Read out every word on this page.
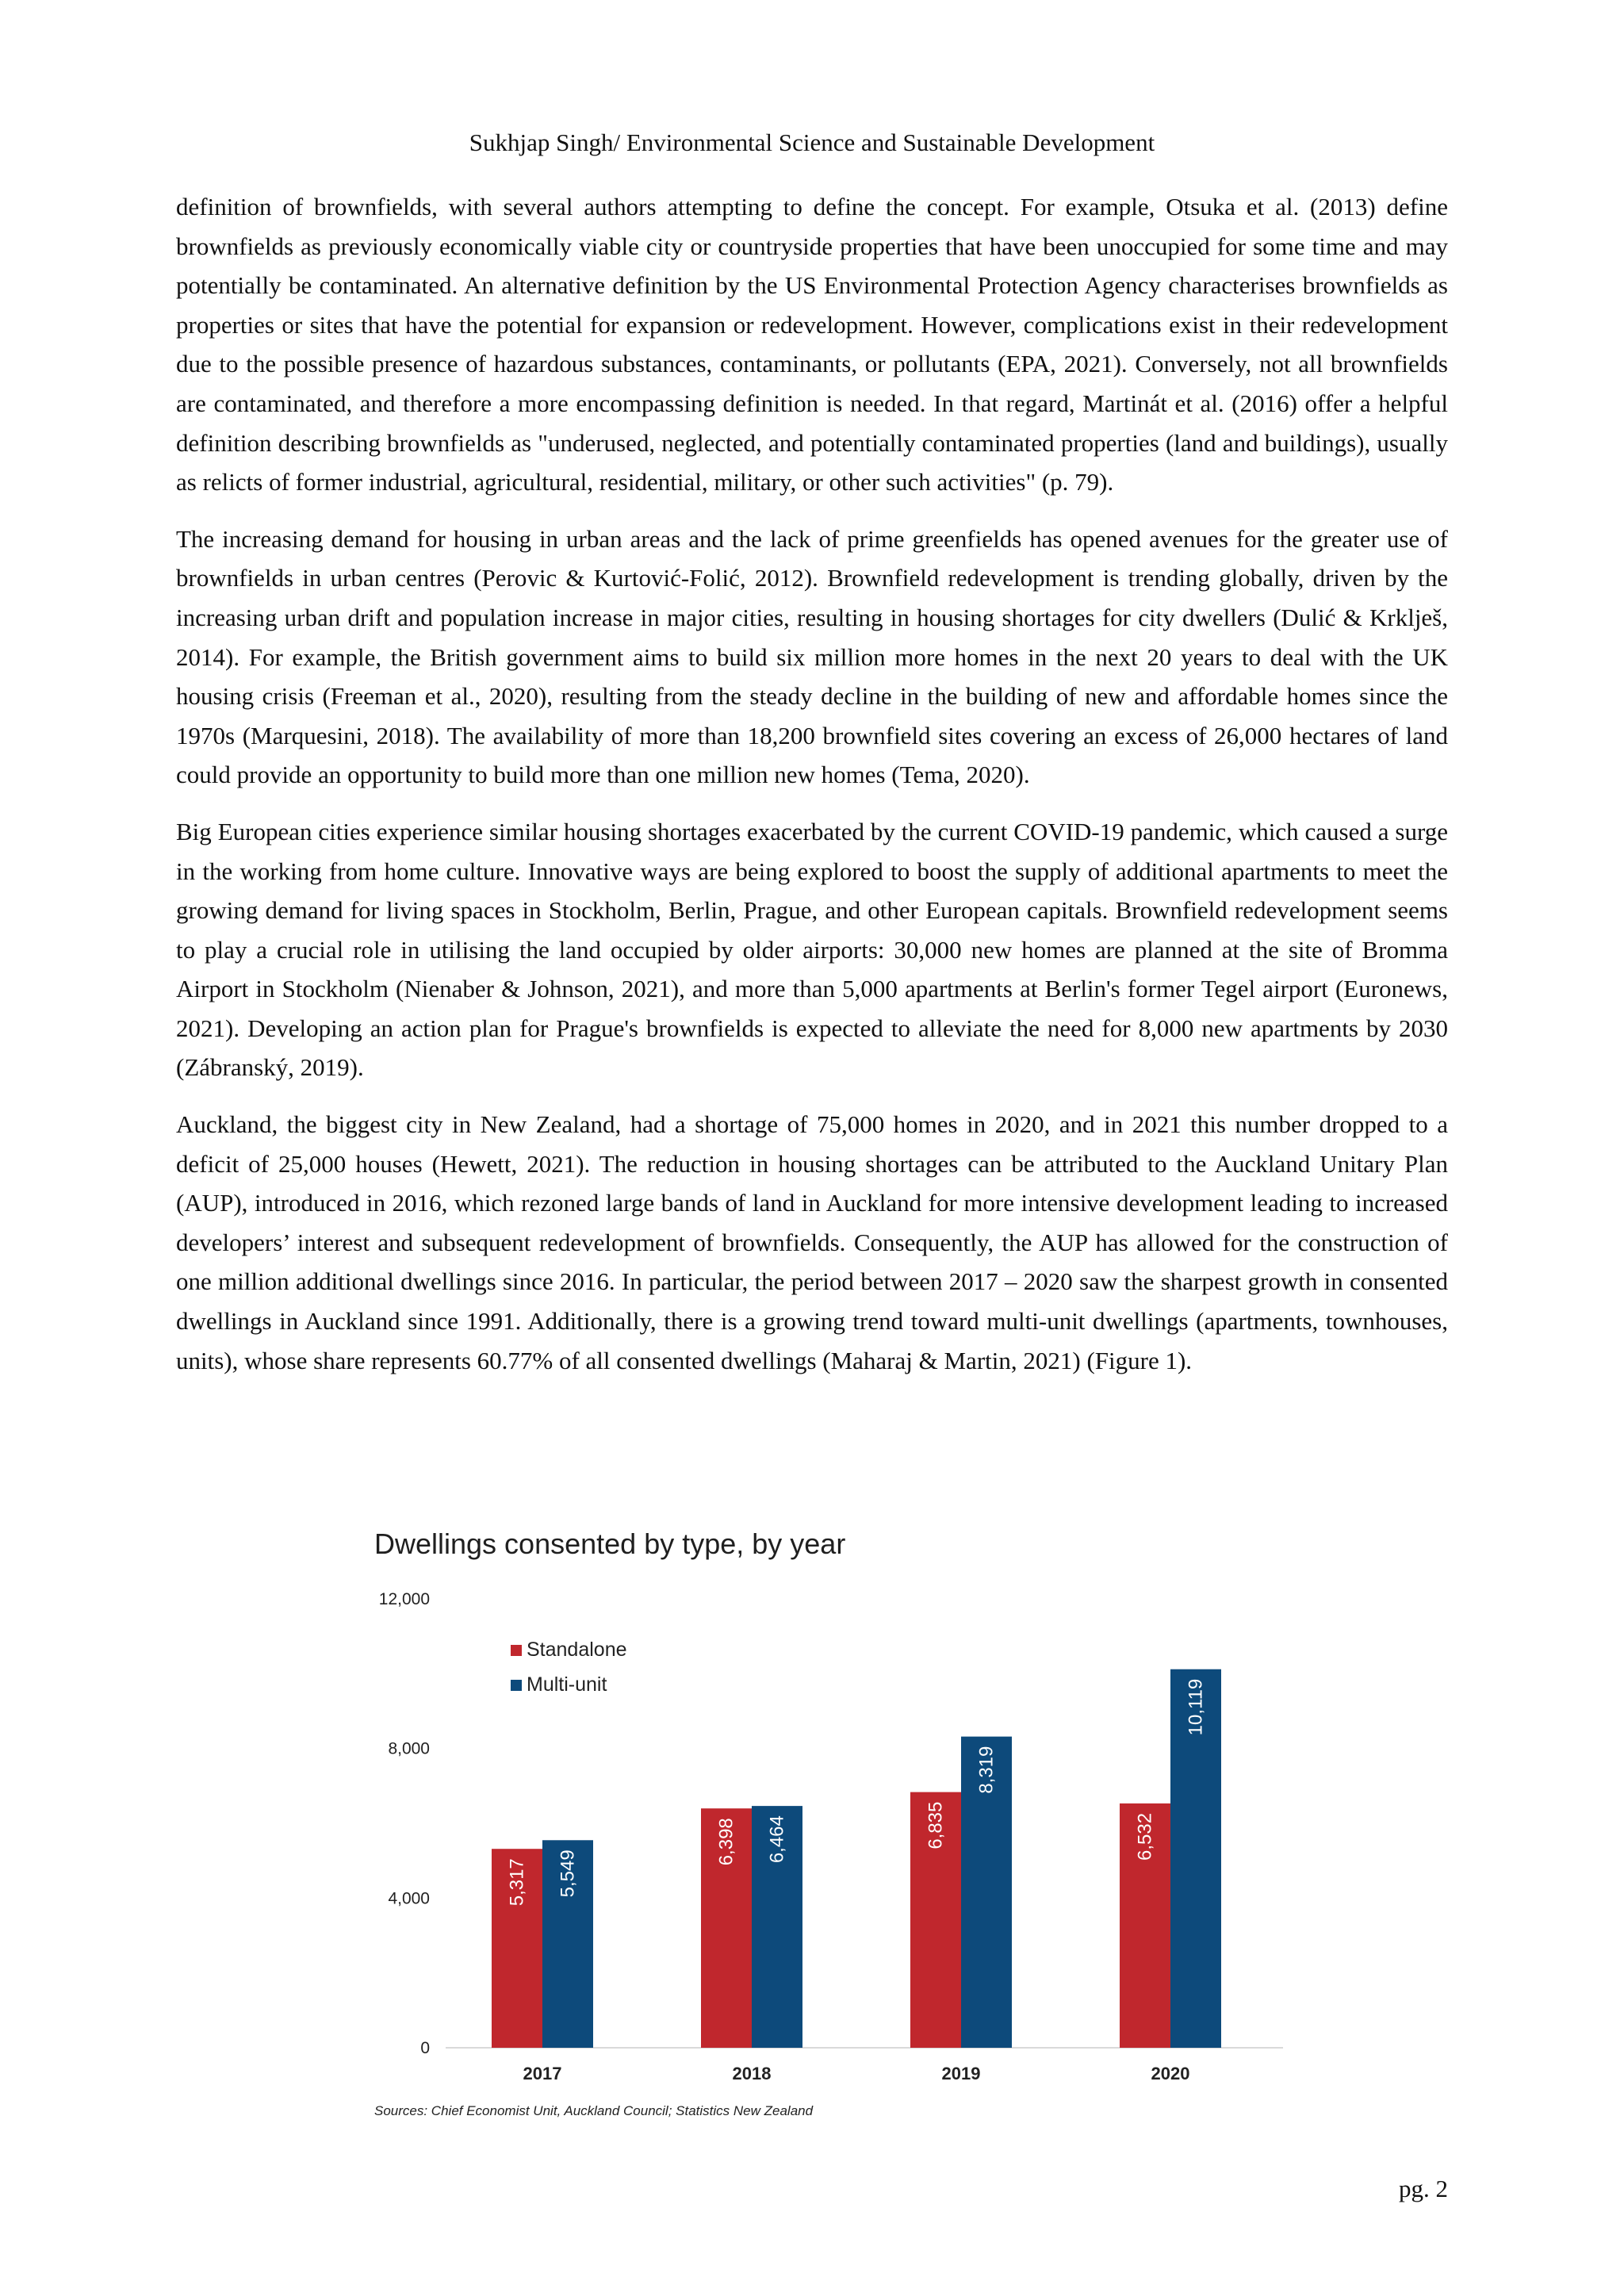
Sukhjap Singh/ Environmental Science and Sustainable Development

definition of brownfields, with several authors attempting to define the concept. For example, Otsuka et al. (2013) define brownfields as previously economically viable city or countryside properties that have been unoccupied for some time and may potentially be contaminated. An alternative definition by the US Environmental Protection Agency characterises brownfields as properties or sites that have the potential for expansion or redevelopment. However, complications exist in their redevelopment due to the possible presence of hazardous substances, contaminants, or pollutants (EPA, 2021). Conversely, not all brownfields are contaminated, and therefore a more encompassing definition is needed. In that regard, Martinát et al. (2016) offer a helpful definition describing brownfields as "underused, neglected, and potentially contaminated properties (land and buildings), usually as relicts of former industrial, agricultural, residential, military, or other such activities" (p. 79).

The increasing demand for housing in urban areas and the lack of prime greenfields has opened avenues for the greater use of brownfields in urban centres (Perovic & Kurtović-Folić, 2012). Brownfield redevelopment is trending globally, driven by the increasing urban drift and population increase in major cities, resulting in housing shortages for city dwellers (Dulić & Krklješ, 2014). For example, the British government aims to build six million more homes in the next 20 years to deal with the UK housing crisis (Freeman et al., 2020), resulting from the steady decline in the building of new and affordable homes since the 1970s (Marquesini, 2018). The availability of more than 18,200 brownfield sites covering an excess of 26,000 hectares of land could provide an opportunity to build more than one million new homes (Tema, 2020).

Big European cities experience similar housing shortages exacerbated by the current COVID-19 pandemic, which caused a surge in the working from home culture. Innovative ways are being explored to boost the supply of additional apartments to meet the growing demand for living spaces in Stockholm, Berlin, Prague, and other European capitals. Brownfield redevelopment seems to play a crucial role in utilising the land occupied by older airports: 30,000 new homes are planned at the site of Bromma Airport in Stockholm (Nienaber & Johnson, 2021), and more than 5,000 apartments at Berlin's former Tegel airport (Euronews, 2021). Developing an action plan for Prague's brownfields is expected to alleviate the need for 8,000 new apartments by 2030 (Zábranský, 2019).

Auckland, the biggest city in New Zealand, had a shortage of 75,000 homes in 2020, and in 2021 this number dropped to a deficit of 25,000 houses (Hewett, 2021). The reduction in housing shortages can be attributed to the Auckland Unitary Plan (AUP), introduced in 2016, which rezoned large bands of land in Auckland for more intensive development leading to increased developers’ interest and subsequent redevelopment of brownfields. Consequently, the AUP has allowed for the construction of one million additional dwellings since 2016. In particular, the period between 2017 – 2020 saw the sharpest growth in consented dwellings in Auckland since 1991. Additionally, there is a growing trend toward multi-unit dwellings (apartments, townhouses, units), whose share represents 60.77% of all consented dwellings (Maharaj & Martin, 2021) (Figure 1).

0
4,000
8,000
12,000
5,317 5,549
2017
6,398 6,464
2018
6,835
8,319
2019
6,532
10,119
2020
Standalone
Multi-unit
Dwellings consented by type, by year
Sources: Chief Economist Unit, Auckland Council; Statistics New Zealand
pg. 2
